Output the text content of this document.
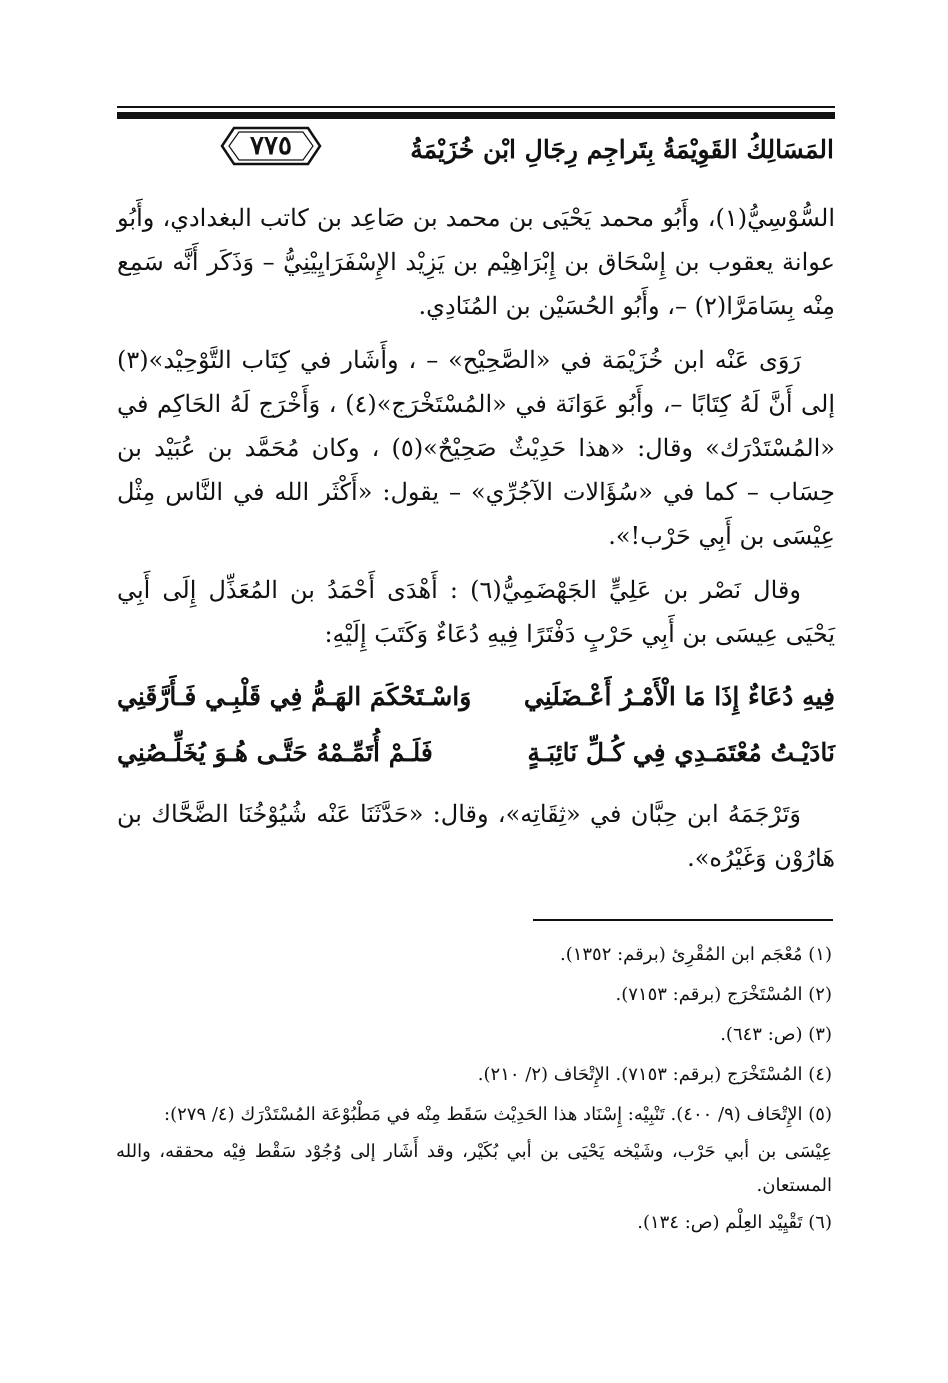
المَسَالِكُ القَوِيْمَةُ بِتَراجِم رِجَالِ ابْن خُزَيْمَةُ
٧٧٥

السُّوْسِيُّ(١)، وأَبُو محمد يَحْيَى بن محمد بن صَاعِد بن كاتب البغدادي، وأَبُو عوانة يعقوب بن إِسْحَاق بن إِبْرَاهِيْم بن يَزِيْد الإِسْفَرَايِيْنِيُّ – وَذَكَر أَنَّه سَمِع مِنْه بِسَامَرَّا(٢) –، وأَبُو الحُسَيْن بن المُنَادِي.

رَوَى عَنْه ابن خُزَيْمَة في «الصَّحِيْح» – ، وأَشَار في كِتَاب التَّوْحِيْد»(٣) إلى أَنَّ لَهُ كِتَابًا –، وأَبُو عَوَانَة في «المُسْتَخْرَج»(٤) ، وَأَخْرَج لَهُ الحَاكِم في «المُسْتَدْرَك» وقال: «هذا حَدِيْثٌ صَحِيْحٌ»(٥) ، وكان مُحَمَّد بن عُبَيْد بن حِسَاب – كما في «سُؤَالات الآجُرِّي» – يقول: «أَكْثَر الله في النَّاس مِثْل عِيْسَى بن أَبِي حَرْب!».

وقال نَصْر بن عَلِيٍّ الجَهْضَمِيُّ(٦) : أَهْدَى أَحْمَدُ بن المُعَذِّل إِلَى أَبِي يَحْيَى عِيسَى بن أَبِي حَرْبٍ دَفْتَرًا فِيهِ دُعَاءٌ وَكَتَبَ إِلَيْهِ:

فِيهِ دُعَاءٌ إِذَا مَا الْأَمْـرُ أَعْـضَلَنِي
وَاسْـتَحْكَمَ الهَـمُّ فِي قَلْبِـي فَـأَرَّقَنِي
نَادَيْـتُ مُعْتَمَـدِي فِي كُـلِّ نَائِبَـةٍ
فَلَـمْ أُتَمِّـمْهُ حَتَّـى هُـوَ يُخَلِّـصُنِي
وَتَرْجَمَهُ ابن حِبَّان في «ثِقَاتِه»، وقال: «حَدَّثَنَا عَنْه شُيُوْخُنَا الضَّحَّاك بن هَارُوْن وَغَيْرُه».

(١) مُعْجَم ابن المُقْرِئ (برقم: ١٣٥٢).

(٢) المُسْتَخْرَج (برقم: ٧١٥٣).

(٣) (ص: ٦٤٣).

(٤) المُسْتَخْرَج (برقم: ٧١٥٣). الإِتْحَاف (٢/ ٢١٠).

(٥) الإِتْحَاف (٩/ ٤٠٠). تَنْبِيْه: إِسْنَاد هذا الحَدِيْث سَقَط مِنْه في مَطْبُوْعَة المُسْتَدْرَك (٤/ ٢٧٩):

عِيْسَى بن أبي حَرْب، وشَيْخه يَحْيَى بن أبي بُكَيْر، وقد أَشَار إلى وُجُوْد سَقْط فِيْه محققه، والله المستعان.

(٦) تَقْيِيْد العِلْم (ص: ١٣٤).
